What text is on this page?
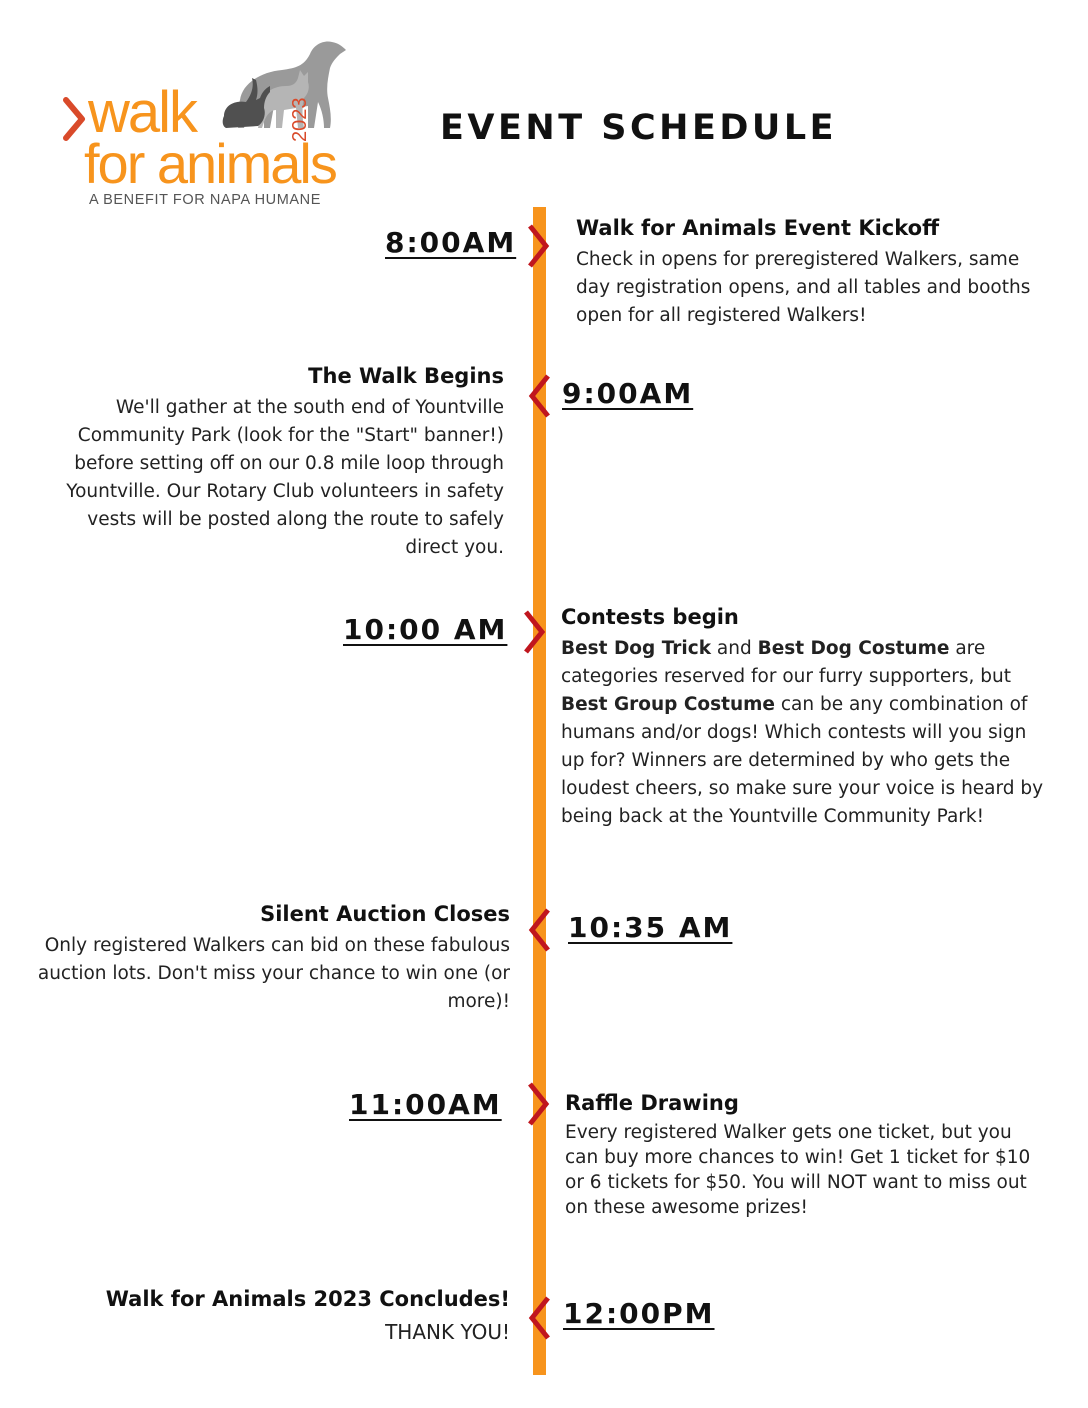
walk
for animals
2023
A BENEFIT FOR NAPA HUMANE
EVENT SCHEDULE
8:00AM	Walk for Animals Event Kickoff
Check in opens for preregistered Walkers, same day registration opens, and all tables and booths open for all registered Walkers!
The Walk Begins
We'll gather at the south end of Yountville Community Park (look for the "Start" banner!) before setting off on our 0.8 mile loop through Yountville. Our Rotary Club volunteers in safety vests will be posted along the route to safely direct you.
9:00AM
10:00 AM	Contests begin
Best Dog Trick and Best Dog Costume are categories reserved for our furry supporters, but Best Group Costume can be any combination of humans and/or dogs! Which contests will you sign up for? Winners are determined by who gets the loudest cheers, so make sure your voice is heard by being back at the Yountville Community Park!
Silent Auction Closes
Only registered Walkers can bid on these fabulous auction lots. Don't miss your chance to win one (or more)!
10:35 AM
11:00AM	Raffle Drawing
Every registered Walker gets one ticket, but you can buy more chances to win! Get 1 ticket for $10 or 6 tickets for $50. You will NOT want to miss out on these awesome prizes!
Walk for Animals 2023 Concludes!
THANK YOU!
12:00PM
